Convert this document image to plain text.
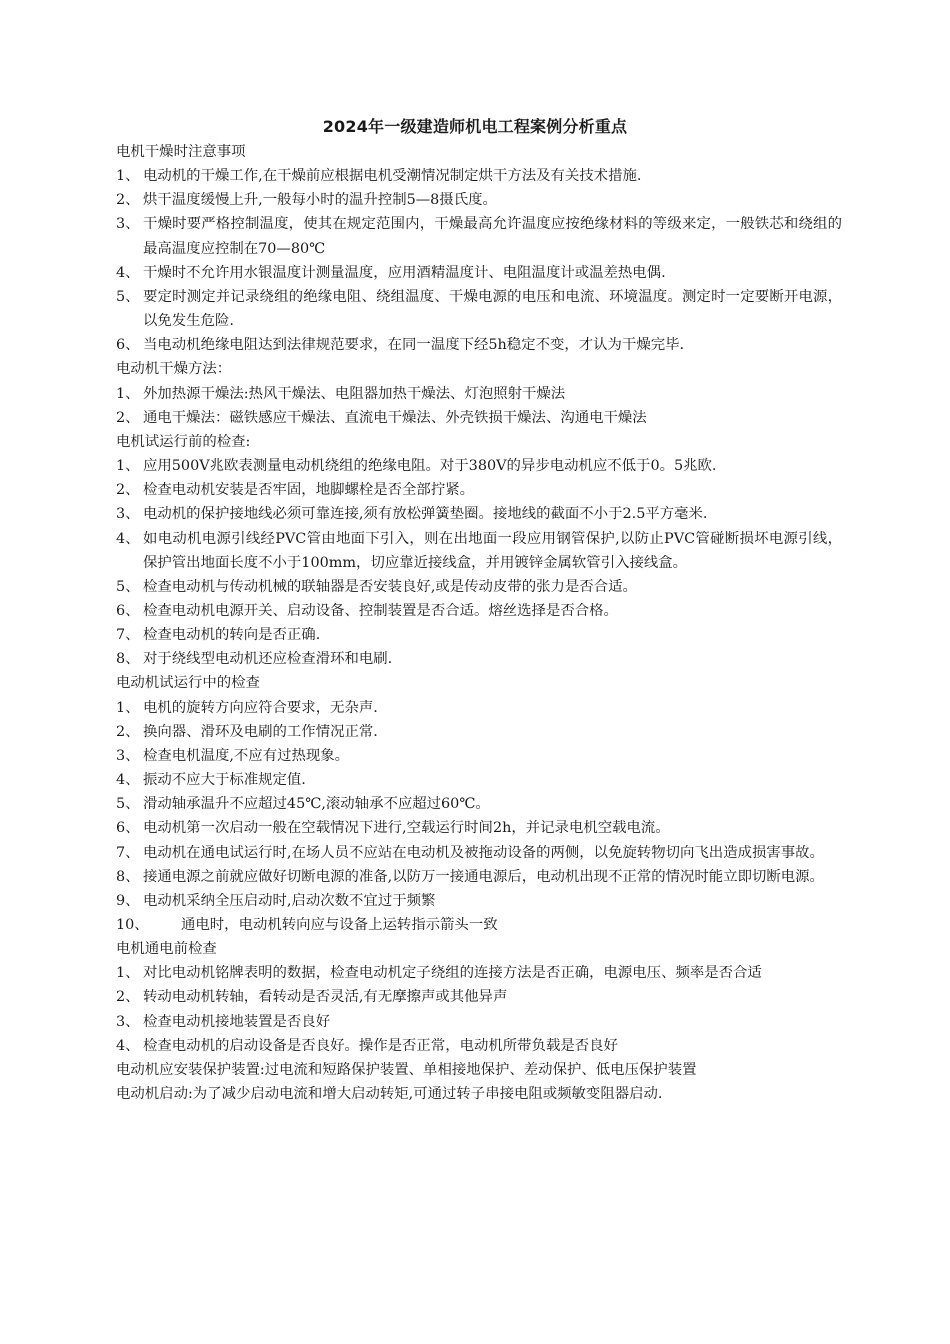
2024年一级建造师机电工程案例分析重点
电机干燥时注意事项
1、 电动机的干燥工作,在干燥前应根据电机受潮情况制定烘干方法及有关技术措施.
2、 烘干温度缓慢上升,一般每小时的温升控制5—8摄氏度。
3、 干燥时要严格控制温度，使其在规定范围内，干燥最高允许温度应按绝缘材料的等级来定，一般铁芯和绕组的最高温度应控制在70—80℃
4、 干燥时不允许用水银温度计测量温度，应用酒精温度计、电阻温度计或温差热电偶.
5、 要定时测定并记录绕组的绝缘电阻、绕组温度、干燥电源的电压和电流、环境温度。测定时一定要断开电源，以免发生危险.
6、 当电动机绝缘电阻达到法律规范要求，在同一温度下经5h稳定不变，才认为干燥完毕.
电动机干燥方法：
1、 外加热源干燥法:热风干燥法、电阻器加热干燥法、灯泡照射干燥法
2、 通电干燥法：磁铁感应干燥法、直流电干燥法、外壳铁损干燥法、沟通电干燥法
电机试运行前的检查:
1、 应用500V兆欧表测量电动机绕组的绝缘电阻。对于380V的异步电动机应不低于0。5兆欧.
2、 检查电动机安装是否牢固，地脚螺栓是否全部拧紧。
3、 电动机的保护接地线必须可靠连接,须有放松弹簧垫圈。接地线的截面不小于2.5平方毫米.
4、 如电动机电源引线经PVC管由地面下引入，则在出地面一段应用钢管保护,以防止PVC管碰断损坏电源引线，保护管出地面长度不小于100mm，切应靠近接线盒，并用镀锌金属软管引入接线盒。
5、 检查电动机与传动机械的联轴器是否安装良好,或是传动皮带的张力是否合适。
6、 检查电动机电源开关、启动设备、控制装置是否合适。熔丝选择是否合格。
7、 检查电动机的转向是否正确.
8、 对于绕线型电动机还应检查滑环和电刷.
电动机试运行中的检查
1、 电机的旋转方向应符合要求，无杂声.
2、 换向器、滑环及电刷的工作情况正常.
3、 检查电机温度,不应有过热现象。
4、 振动不应大于标准规定值.
5、 滑动轴承温升不应超过45℃,滚动轴承不应超过60℃。
6、 电动机第一次启动一般在空载情况下进行,空载运行时间2h，并记录电机空载电流。
7、 电动机在通电试运行时,在场人员不应站在电动机及被拖动设备的两侧，以免旋转物切向飞出造成损害事故。
8、 接通电源之前就应做好切断电源的准备,以防万一接通电源后，电动机出现不正常的情况时能立即切断电源。
9、 电动机采纳全压启动时,启动次数不宜过于频繁
10、 通电时，电动机转向应与设备上运转指示箭头一致
电机通电前检查
1、 对比电动机铭牌表明的数据，检查电动机定子绕组的连接方法是否正确，电源电压、频率是否合适
2、 转动电动机转轴，看转动是否灵活,有无摩擦声或其他异声
3、 检查电动机接地装置是否良好
4、 检查电动机的启动设备是否良好。操作是否正常，电动机所带负载是否良好
电动机应安装保护装置:过电流和短路保护装置、单相接地保护、差动保护、低电压保护装置
电动机启动:为了减少启动电流和增大启动转矩,可通过转子串接电阻或频敏变阻器启动.
